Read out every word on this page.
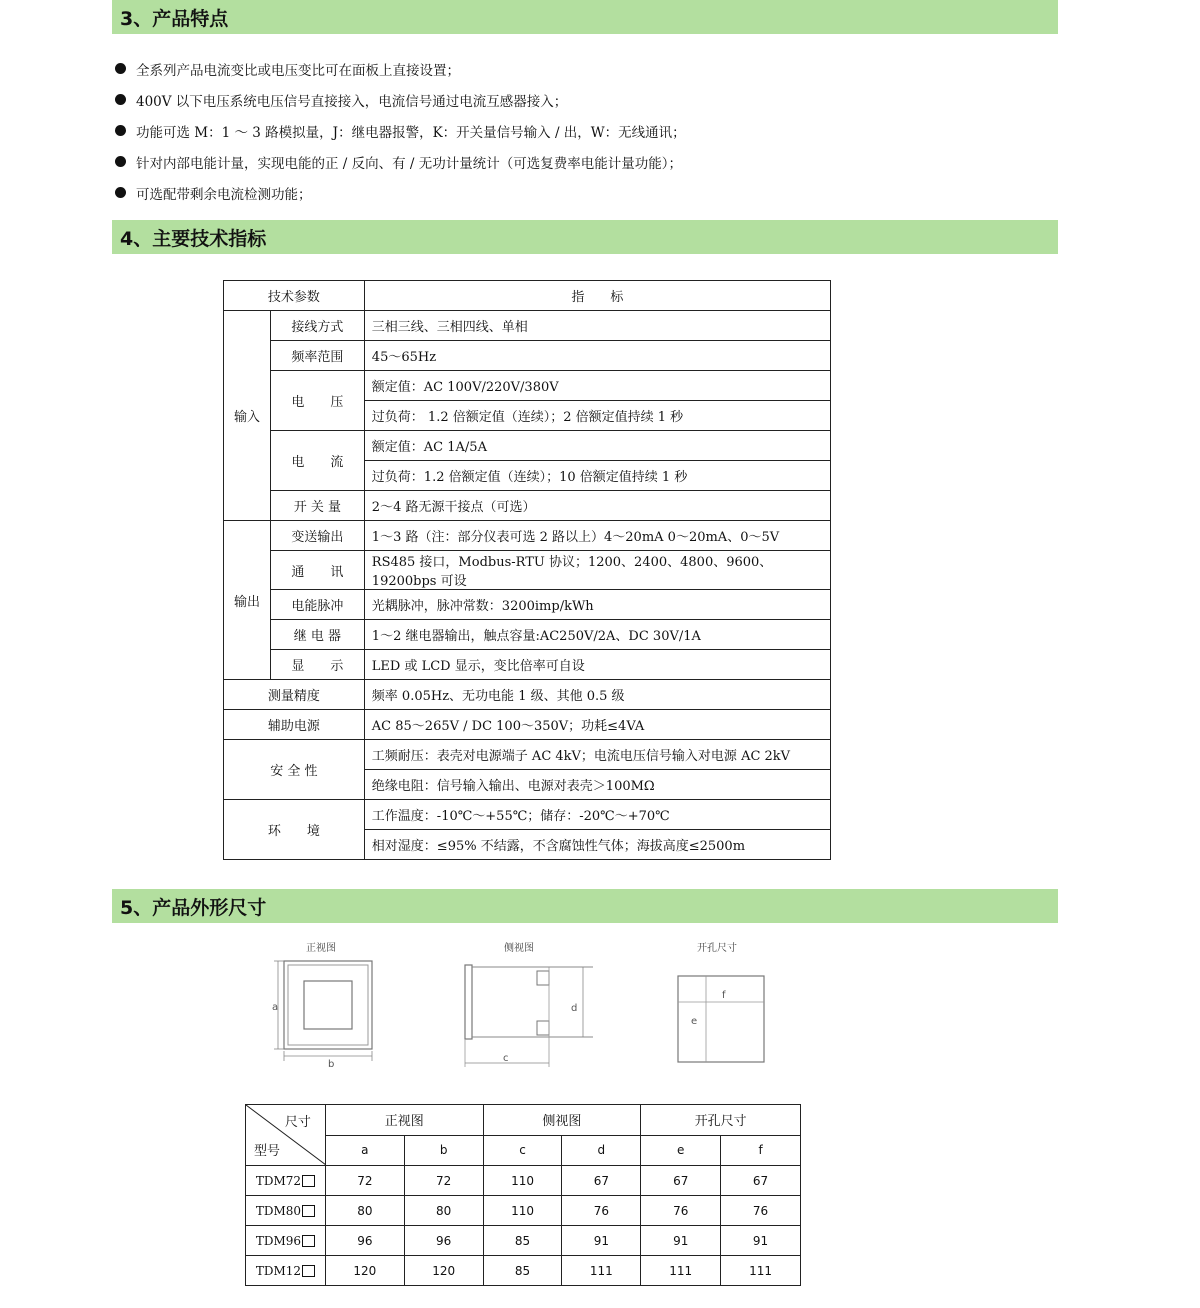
3、产品特点
全系列产品电流变比或电压变比可在面板上直接设置；
400V 以下电压系统电压信号直接接入，电流信号通过电流互感器接入；
功能可选 M：1 ～ 3 路模拟量，J：继电器报警，K：开关量信号输入 / 出，W：无线通讯；
针对内部电能计量，实现电能的正 / 反向、有 / 无功计量统计（可选复费率电能计量功能）；
可选配带剩余电流检测功能；
4、主要技术指标
技术参数		指　　标
输入	接线方式	三相三线、三相四线、单相
	频率范围	45～65Hz
	电　　压	额定值：AC 100V/220V/380V
		过负荷： 1.2 倍额定值（连续）；2 倍额定值持续 1 秒
	电　　流	额定值：AC 1A/5A
		过负荷：1.2 倍额定值（连续）；10 倍额定值持续 1 秒
	开 关 量	2～4 路无源干接点（可选）
输出	变送输出	1～3 路（注：部分仪表可选 2 路以上）4～20mA 0～20mA、0～5V
	通　　讯	RS485 接口，Modbus-RTU 协议；1200、2400、4800、9600、19200bps 可设
	电能脉冲	光耦脉冲，脉冲常数：3200imp/kWh
	继 电 器	1～2 继电器输出，触点容量:AC250V/2A、DC 30V/1A
	显　　示	LED 或 LCD 显示，变比倍率可自设
测量精度		频率 0.05Hz、无功电能 1 级、其他 0.5 级
辅助电源		AC 85～265V / DC 100～350V；功耗≤4VA
安 全 性		工频耐压：表壳对电源端子 AC 4kV；电流电压信号输入对电源 AC 2kV
		绝缘电阻：信号输入输出、电源对表壳＞100MΩ
环　　境		工作温度：-10℃～+55℃；储存：-20℃～+70℃
		相对湿度：≤95% 不结露，不含腐蚀性气体；海拔高度≤2500m
5、产品外形尺寸
正视图
a
b
侧视图
d
c
开孔尺寸
f
e
尺寸
型号	正视图		侧视图		开孔尺寸	
	a	b	c	d	e	f
TDM72	72	72	110	67	67	67
TDM80	80	80	110	76	76	76
TDM96	96	96	85	91	91	91
TDM12	120	120	85	111	111	111
